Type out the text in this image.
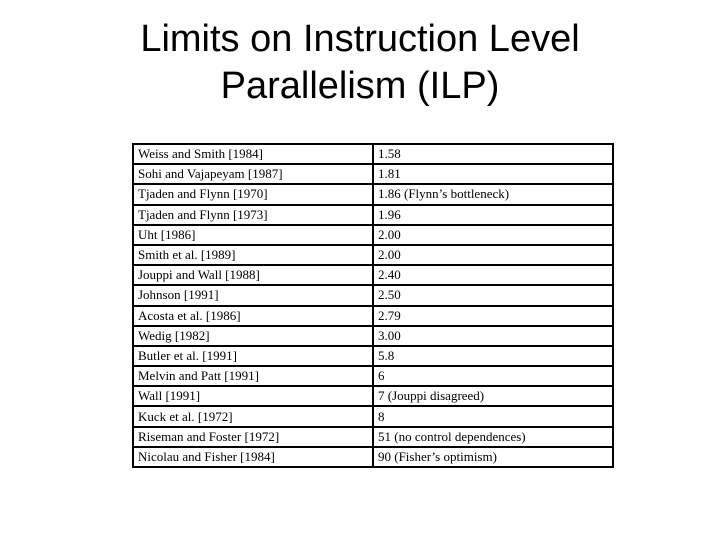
Limits on Instruction Level
Parallelism (ILP)
Weiss and Smith [1984]	1.58
Sohi and Vajapeyam [1987]	1.81
Tjaden and Flynn [1970]	1.86 (Flynn’s bottleneck)
Tjaden and Flynn [1973]	1.96
Uht [1986]	2.00
Smith et al. [1989]	2.00
Jouppi and Wall [1988]	2.40
Johnson [1991]	2.50
Acosta et al. [1986]	2.79
Wedig [1982]	3.00
Butler et al. [1991]	5.8
Melvin and Patt [1991]	6
Wall [1991]	7 (Jouppi disagreed)
Kuck et al. [1972]	8
Riseman and Foster [1972]	51 (no control dependences)
Nicolau and Fisher [1984]	90 (Fisher’s optimism)
